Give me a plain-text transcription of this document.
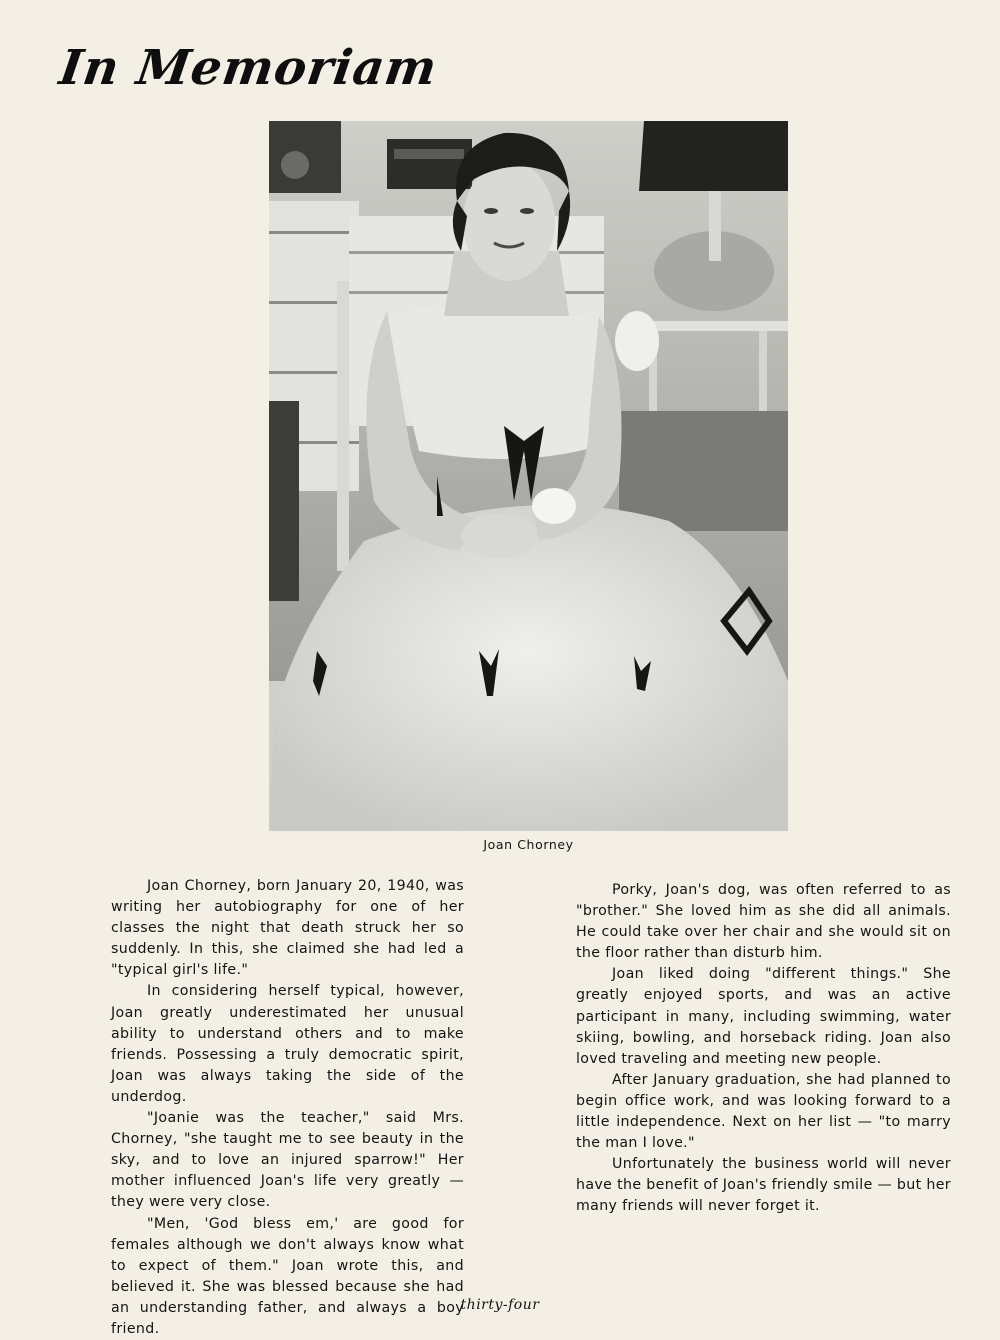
In Memoriam
Joan Chorney

Joan Chorney, born January 20, 1940, was writing her autobiography for one of her classes the night that death struck her so suddenly. In this, she claimed she had led a "typical girl's life."

In considering herself typical, however, Joan greatly underestimated her unusual ability to understand others and to make friends. Possessing a truly democratic spirit, Joan was always taking the side of the underdog.

"Joanie was the teacher," said Mrs. Chorney, "she taught me to see beauty in the sky, and to love an injured sparrow!" Her mother influenced Joan's life very greatly — they were very close.

"Men, 'God bless em,' are good for females although we don't always know what to expect of them." Joan wrote this, and believed it. She was blessed because she had an understanding father, and always a boy friend.

Porky, Joan's dog, was often referred to as "brother." She loved him as she did all animals. He could take over her chair and she would sit on the floor rather than disturb him.

Joan liked doing "different things." She greatly enjoyed sports, and was an active participant in many, including swimming, water skiing, bowling, and horseback riding. Joan also loved traveling and meeting new people.

After January graduation, she had planned to begin office work, and was looking forward to a little independence. Next on her list — "to marry the man I love."

Unfortunately the business world will never have the benefit of Joan's friendly smile — but her many friends will never forget it.

thirty-four
